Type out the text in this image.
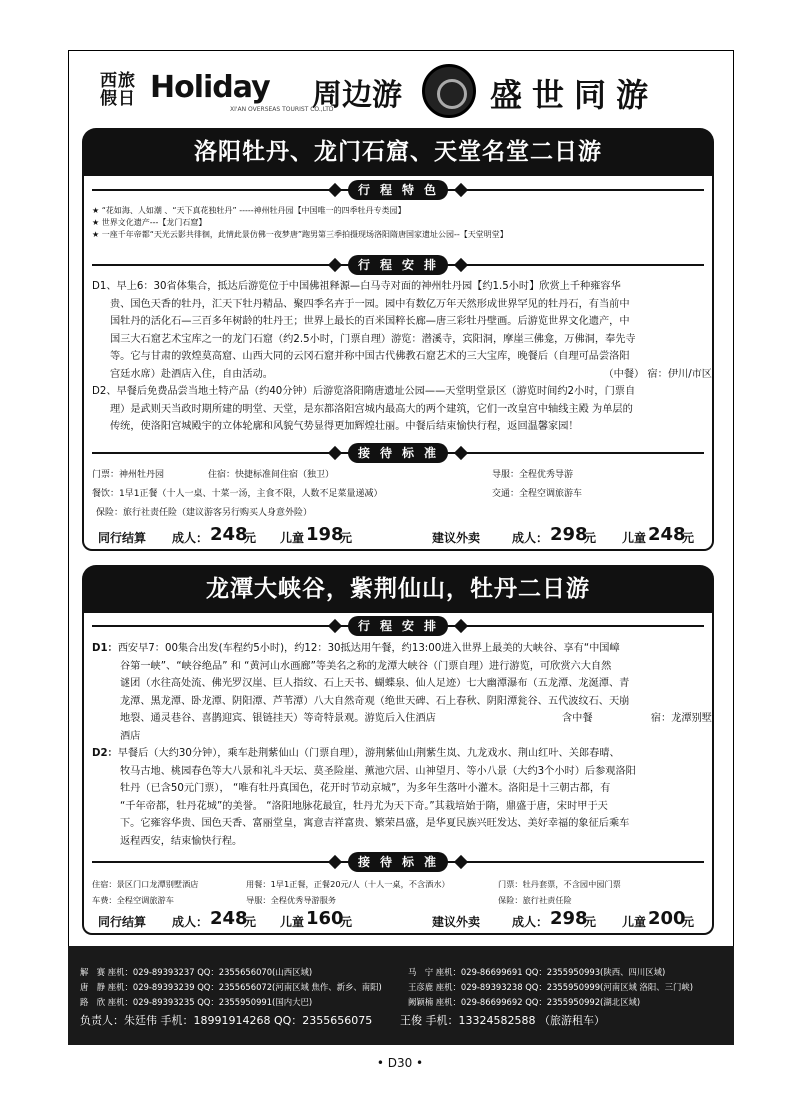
西旅假日 Holiday
XI'AN OVERSEAS TOURIST CO.,LTD
周边游	盛世同游
洛阳牡丹、龙门石窟、天堂名堂二日游
行程特色
★ “花如海、人如潮 、“天下真花独牡丹” -----神州牡丹园【中国唯一的四季牡丹专类园】
★ 世界文化遗产---【龙门石窟】
★ 一座千年帝都“天光云影共徘徊，此情此景仿佛一夜梦唐”跑男第三季拍摄现场洛阳隋唐国家遗址公园--【天堂明堂】
行程安排
D1、早上6：30省体集合，抵达后游览位于中国佛祖释源—白马寺对面的神州牡丹园【约1.5小时】欣赏上千种雍容华
贵、国色天香的牡丹，汇天下牡丹精品、聚四季名卉于一园。园中有数亿万年天然形成世界罕见的牡丹石，有当前中
国牡丹的活化石—三百多年树龄的牡丹王；世界上最长的百米国粹长廊—唐三彩牡丹壁画。后游览世界文化遗产，中
国三大石窟艺术宝库之一的龙门石窟（约2.5小时，门票自理）游览：潜溪寺，宾阳洞，摩崖三佛龛，万佛洞，奉先寺
等。它与甘肃的敦煌莫高窟、山西大同的云冈石窟并称中国古代佛教石窟艺术的三大宝库，晚餐后（自理可品尝洛阳
宫廷水席）赴酒店入住，自由活动。	（中餐） 宿：伊川/市区
D2、早餐后免费品尝当地土特产品（约40分钟）后游览洛阳隋唐遗址公园——天堂明堂景区（游览时间约2小时，门票自
理）是武则天当政时期所建的明堂、天堂，是东都洛阳宫城内最高大的两个建筑，它们一改皇宫中轴线主殿 为单层的
传统，使洛阳宫城殿宇的立体轮廓和风貌气势显得更加辉煌壮丽。中餐后结束愉快行程，返回温馨家园！
接待标准
门票：神州牡丹园	住宿：快捷标准间住宿（独卫）	导服：全程优秀导游
餐饮：1早1正餐（十人一桌、十菜一汤，主食不限，人数不足菜量递减）	交通：全程空调旅游车
保险：旅行社责任险（建议游客另行购买人身意外险）
同行结算 成人： 248
元 儿童 198
元	建议外卖	成人： 298
元 儿童 248
元
龙潭大峡谷，紫荆仙山，牡丹二日游
行程安排
D1：西安早7：00集合出发(车程约5小时)，约12：30抵达用午餐，约13:00进入世界上最美的大峡谷、享有“中国嶂
谷第一峡”、“峡谷绝品” 和 “黄河山水画廊”等美名之称的龙潭大峡谷（门票自理）进行游览，可欣赏六大自然
谜团（水往高处流、佛光罗汉崖、巨人指纹、石上天书、蝴蝶泉、仙人足迹）七大幽潭瀑布（五龙潭、龙涎潭、青
龙潭、黑龙潭、卧龙潭、阴阳潭、芦苇潭）八大自然奇观（绝世天碑、石上春秋、阴阳潭瓮谷、五代波纹石、天崩
地裂、通灵巷谷、喜鹊迎宾、银链挂天）等奇特景观。游览后入住酒店	含中餐	宿：龙潭别墅
酒店
D2：早餐后（大约30分钟），乘车赴荆紫仙山（门票自理），游荆紫仙山荆紫生岚、九龙戏水、荆山红叶、关郎春晴、
牧马古地、桃园春色等大八景和礼斗天坛、莫圣险崖、薰池穴居、山神望月、等小八景（大约3个小时）后参观洛阳
牡丹（已含50元门票）， “唯有牡丹真国色，花开时节动京城”，为多年生落叶小灌木。洛阳是十三朝古都，有
“千年帝都，牡丹花城”的美誉。 “洛阳地脉花最宜，牡丹尤为天下奇。”其栽培始于隋，鼎盛于唐，宋时甲于天
下。它雍容华贵、国色天香、富丽堂皇，寓意吉祥富贵、繁荣昌盛，是华夏民族兴旺发达、美好幸福的象征后乘车
返程西安，结束愉快行程。
接待标准
住宿：景区门口龙潭别墅酒店	用餐：1早1正餐，正餐20元/人（十人一桌，不含酒水）	门票：牡丹套票，不含园中园门票
车费：全程空调旅游车	导服：全程优秀导游服务	保险：旅行社责任险
同行结算 成人： 248
元 儿童 160
元	建议外卖	成人： 298
元 儿童 200
元
解　赛 座机：029-89393237 QQ：2355656070(山西区域)	马　宁 座机：029-86699691 QQ：2355950993(陕西、四川区域)
唐　静 座机：029-89393239 QQ：2355656072(河南区域 焦作、新乡、南阳)	王彦鹿 座机：029-89393238 QQ：2355950999(河南区域 洛阳、三门峡)
路　欣 座机：029-89393235 QQ：2355950991(国内大巴)	阙颖楠 座机：029-86699692 QQ：2355950992(湖北区域)
负责人：朱廷伟 手机：18991914268 QQ：2355656075	王俊 手机：13324582588 （旅游租车）
• D30 •
